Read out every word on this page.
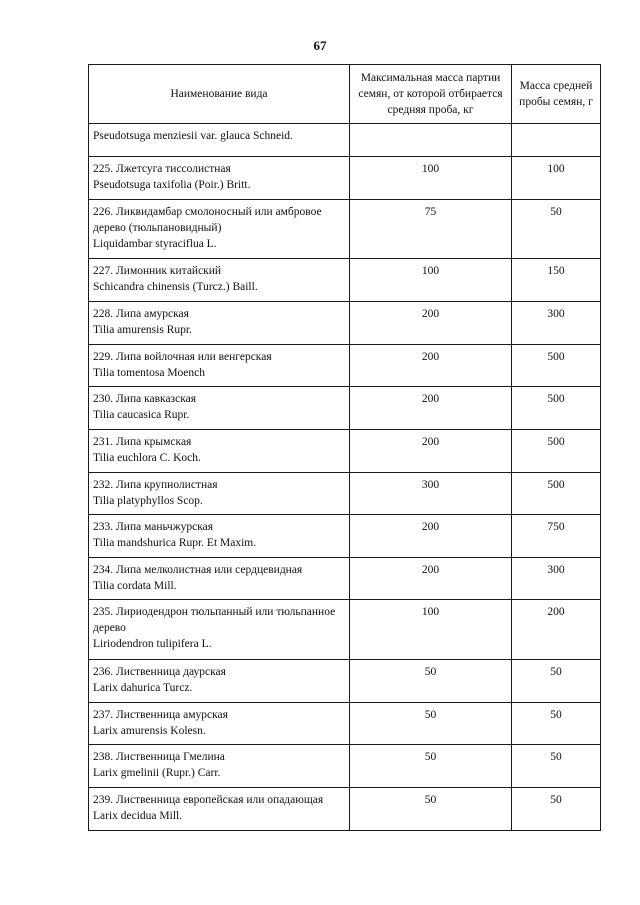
67
Наименование вида	Максимальная масса партии семян, от которой отбирается средняя проба, кг	Масса средней пробы семян, г

Pseudotsuga menziesii var. glauca Schneid.		

225. Лжетсуга тиссолистная
Pseudotsuga taxifolia (Poir.) Britt.	100	100

226. Ликвидамбар смолоносный или амбровое
дерево (тюльпановидный)
Liquidambar styraciflua L.	75	50

227. Лимонник китайский
Schicandra chinensis (Turcz.) Baill.	100	150

228. Липа амурская
Tilia amurensis Rupr.	200	300

229. Липа войлочная или венгерская
Tilia tomentosa Moench	200	500

230. Липа кавказская
Tilia caucasica Rupr.	200	500

231. Липа крымская
Tilia euchlora C. Koch.	200	500

232. Липа крупнолистная
Tilia platyphyllos Scop.	300	500

233. Липа маньчжурская
Tilia mandshurica Rupr. Et Maxim.	200	750

234. Липа мелколистная или сердцевидная
Tilia cordata Mill.	200	300

235. Лириодендрон тюльпанный или тюльпанное
дерево
Liriodendron tulipifera L.	100	200

236. Лиственница даурская
Larix dahurica Turcz.	50	50

237. Лиственница амурская
Larix amurensis Kolesn.	50	50

238. Лиственница Гмелина
Larix gmelinii (Rupr.) Carr.	50	50

239. Лиственница европейская или опадающая
Larix decidua Mill.	50	50
